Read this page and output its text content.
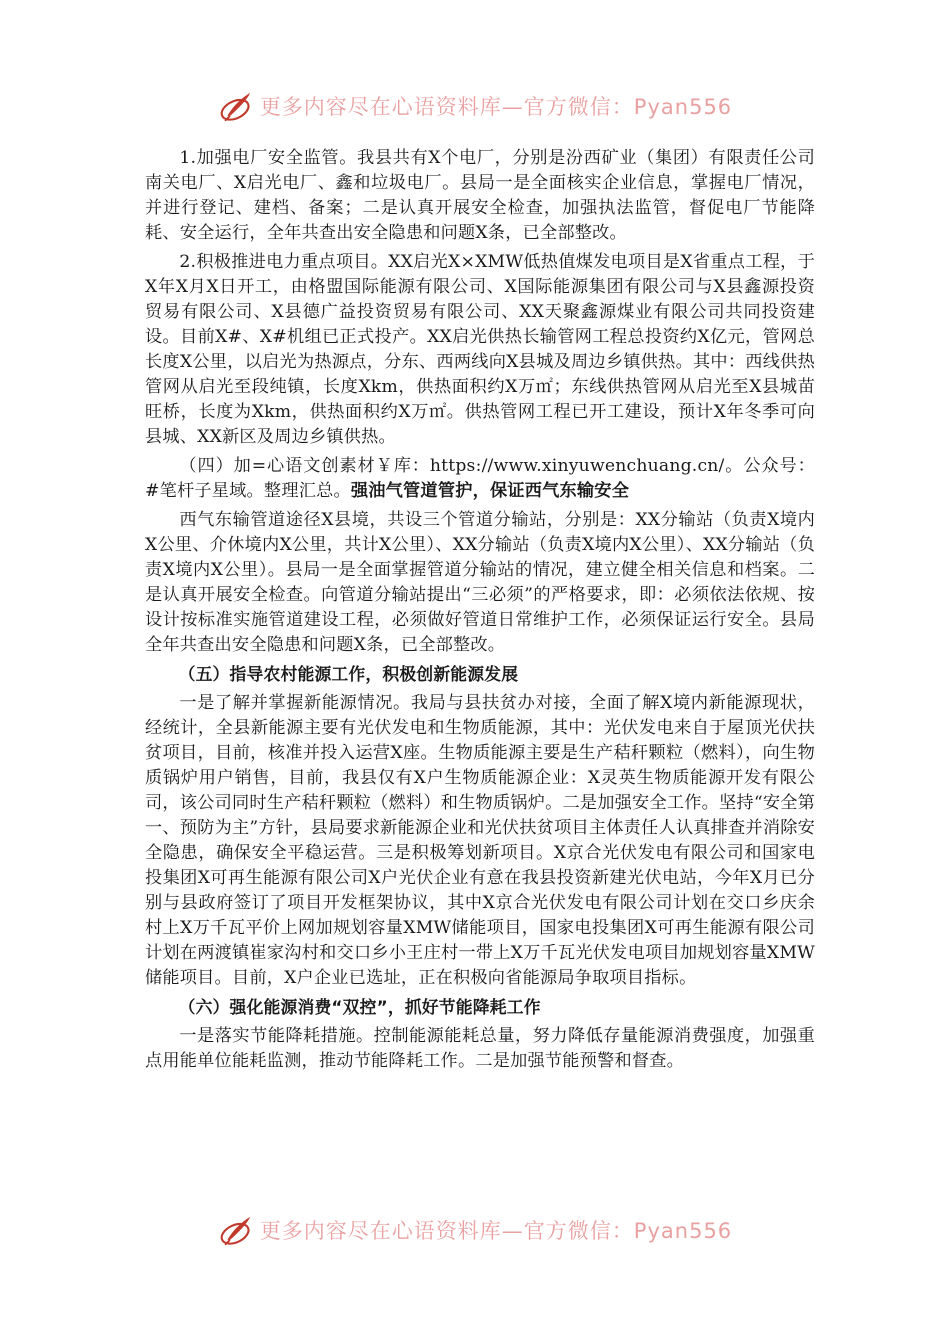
更多内容尽在心语资料库—官方微信：Pyan556

1.加强电厂安全监管。我县共有X个电厂，分别是汾西矿业（集团）有限责任公司南关电厂、X启光电厂、鑫和垃圾电厂。县局一是全面核实企业信息，掌握电厂情况，并进行登记、建档、备案；二是认真开展安全检查，加强执法监管，督促电厂节能降耗、安全运行，全年共查出安全隐患和问题X条，已全部整改。

2.积极推进电力重点项目。XX启光X×XMW低热值煤发电项目是X省重点工程，于X年X月X日开工，由格盟国际能源有限公司、X国际能源集团有限公司与X县鑫源投资贸易有限公司、X县德广益投资贸易有限公司、XX天聚鑫源煤业有限公司共同投资建设。目前X#、X#机组已正式投产。XX启光供热长输管网工程总投资约X亿元，管网总长度X公里，以启光为热源点，分东、西两线向X县城及周边乡镇供热。其中：西线供热管网从启光至段纯镇，长度Xkm，供热面积约X万㎡；东线供热管网从启光至X县城苗旺桥，长度为Xkm，供热面积约X万㎡。供热管网工程已开工建设，预计X年冬季可向县城、XX新区及周边乡镇供热。

（四）加=心语文创素材￥库：https://www.xinyuwenchuang.cn/。公众号：#笔杆子星域。整理汇总。强油气管道管护，保证西气东输安全

西气东输管道途径X县境，共设三个管道分输站，分别是：XX分输站（负责X境内X公里、介休境内X公里，共计X公里）、XX分输站（负责X境内X公里）、XX分输站（负责X境内X公里）。县局一是全面掌握管道分输站的情况，建立健全相关信息和档案。二是认真开展安全检查。向管道分输站提出“三必须”的严格要求，即：必须依法依规、按设计按标准实施管道建设工程，必须做好管道日常维护工作，必须保证运行安全。县局全年共查出安全隐患和问题X条，已全部整改。

（五）指导农村能源工作，积极创新能源发展

一是了解并掌握新能源情况。我局与县扶贫办对接，全面了解X境内新能源现状，经统计，全县新能源主要有光伏发电和生物质能源，其中：光伏发电来自于屋顶光伏扶贫项目，目前，核准并投入运营X座。生物质能源主要是生产秸秆颗粒（燃料），向生物质锅炉用户销售，目前，我县仅有X户生物质能源企业：X灵英生物质能源开发有限公司，该公司同时生产秸秆颗粒（燃料）和生物质锅炉。二是加强安全工作。坚持“安全第一、预防为主”方针，县局要求新能源企业和光伏扶贫项目主体责任人认真排查并消除安全隐患，确保安全平稳运营。三是积极筹划新项目。X京合光伏发电有限公司和国家电投集团X可再生能源有限公司X户光伏企业有意在我县投资新建光伏电站，今年X月已分别与县政府签订了项目开发框架协议，其中X京合光伏发电有限公司计划在交口乡庆余村上X万千瓦平价上网加规划容量XMW储能项目，国家电投集团X可再生能源有限公司计划在两渡镇崔家沟村和交口乡小王庄村一带上X万千瓦光伏发电项目加规划容量XMW储能项目。目前，X户企业已选址，正在积极向省能源局争取项目指标。

（六）强化能源消费“双控”，抓好节能降耗工作

一是落实节能降耗措施。控制能源能耗总量，努力降低存量能源消费强度，加强重点用能单位能耗监测，推动节能降耗工作。二是加强节能预警和督查。

更多内容尽在心语资料库—官方微信：Pyan556
